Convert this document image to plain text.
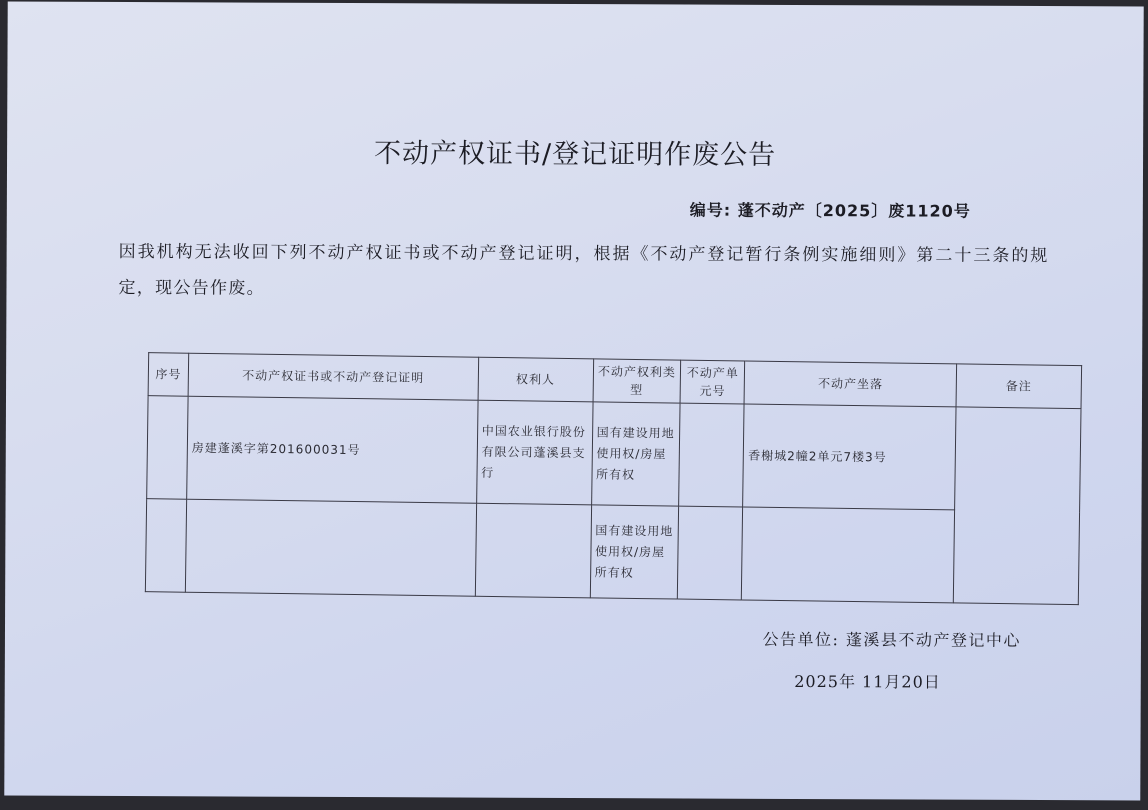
不动产权证书/登记证明作废公告
编号: 蓬不动产〔2025〕废1120号
因我机构无法收回下列不动产权证书或不动产登记证明，根据《不动产登记暂行条例实施细则》第二十三条的规定，现公告作废。
序号	不动产权证书或不动产登记证明	权利人	不动产权利类型	不动产单元号	不动产坐落	备注
	房建蓬溪字第201600031号	中国农业银行股份有限公司蓬溪县支行	国有建设用地使用权/房屋所有权		香榭城2幢2单元7楼3号	
			国有建设用地使用权/房屋所有权			
公告单位: 蓬溪县不动产登记中心
2025年 11月20日
